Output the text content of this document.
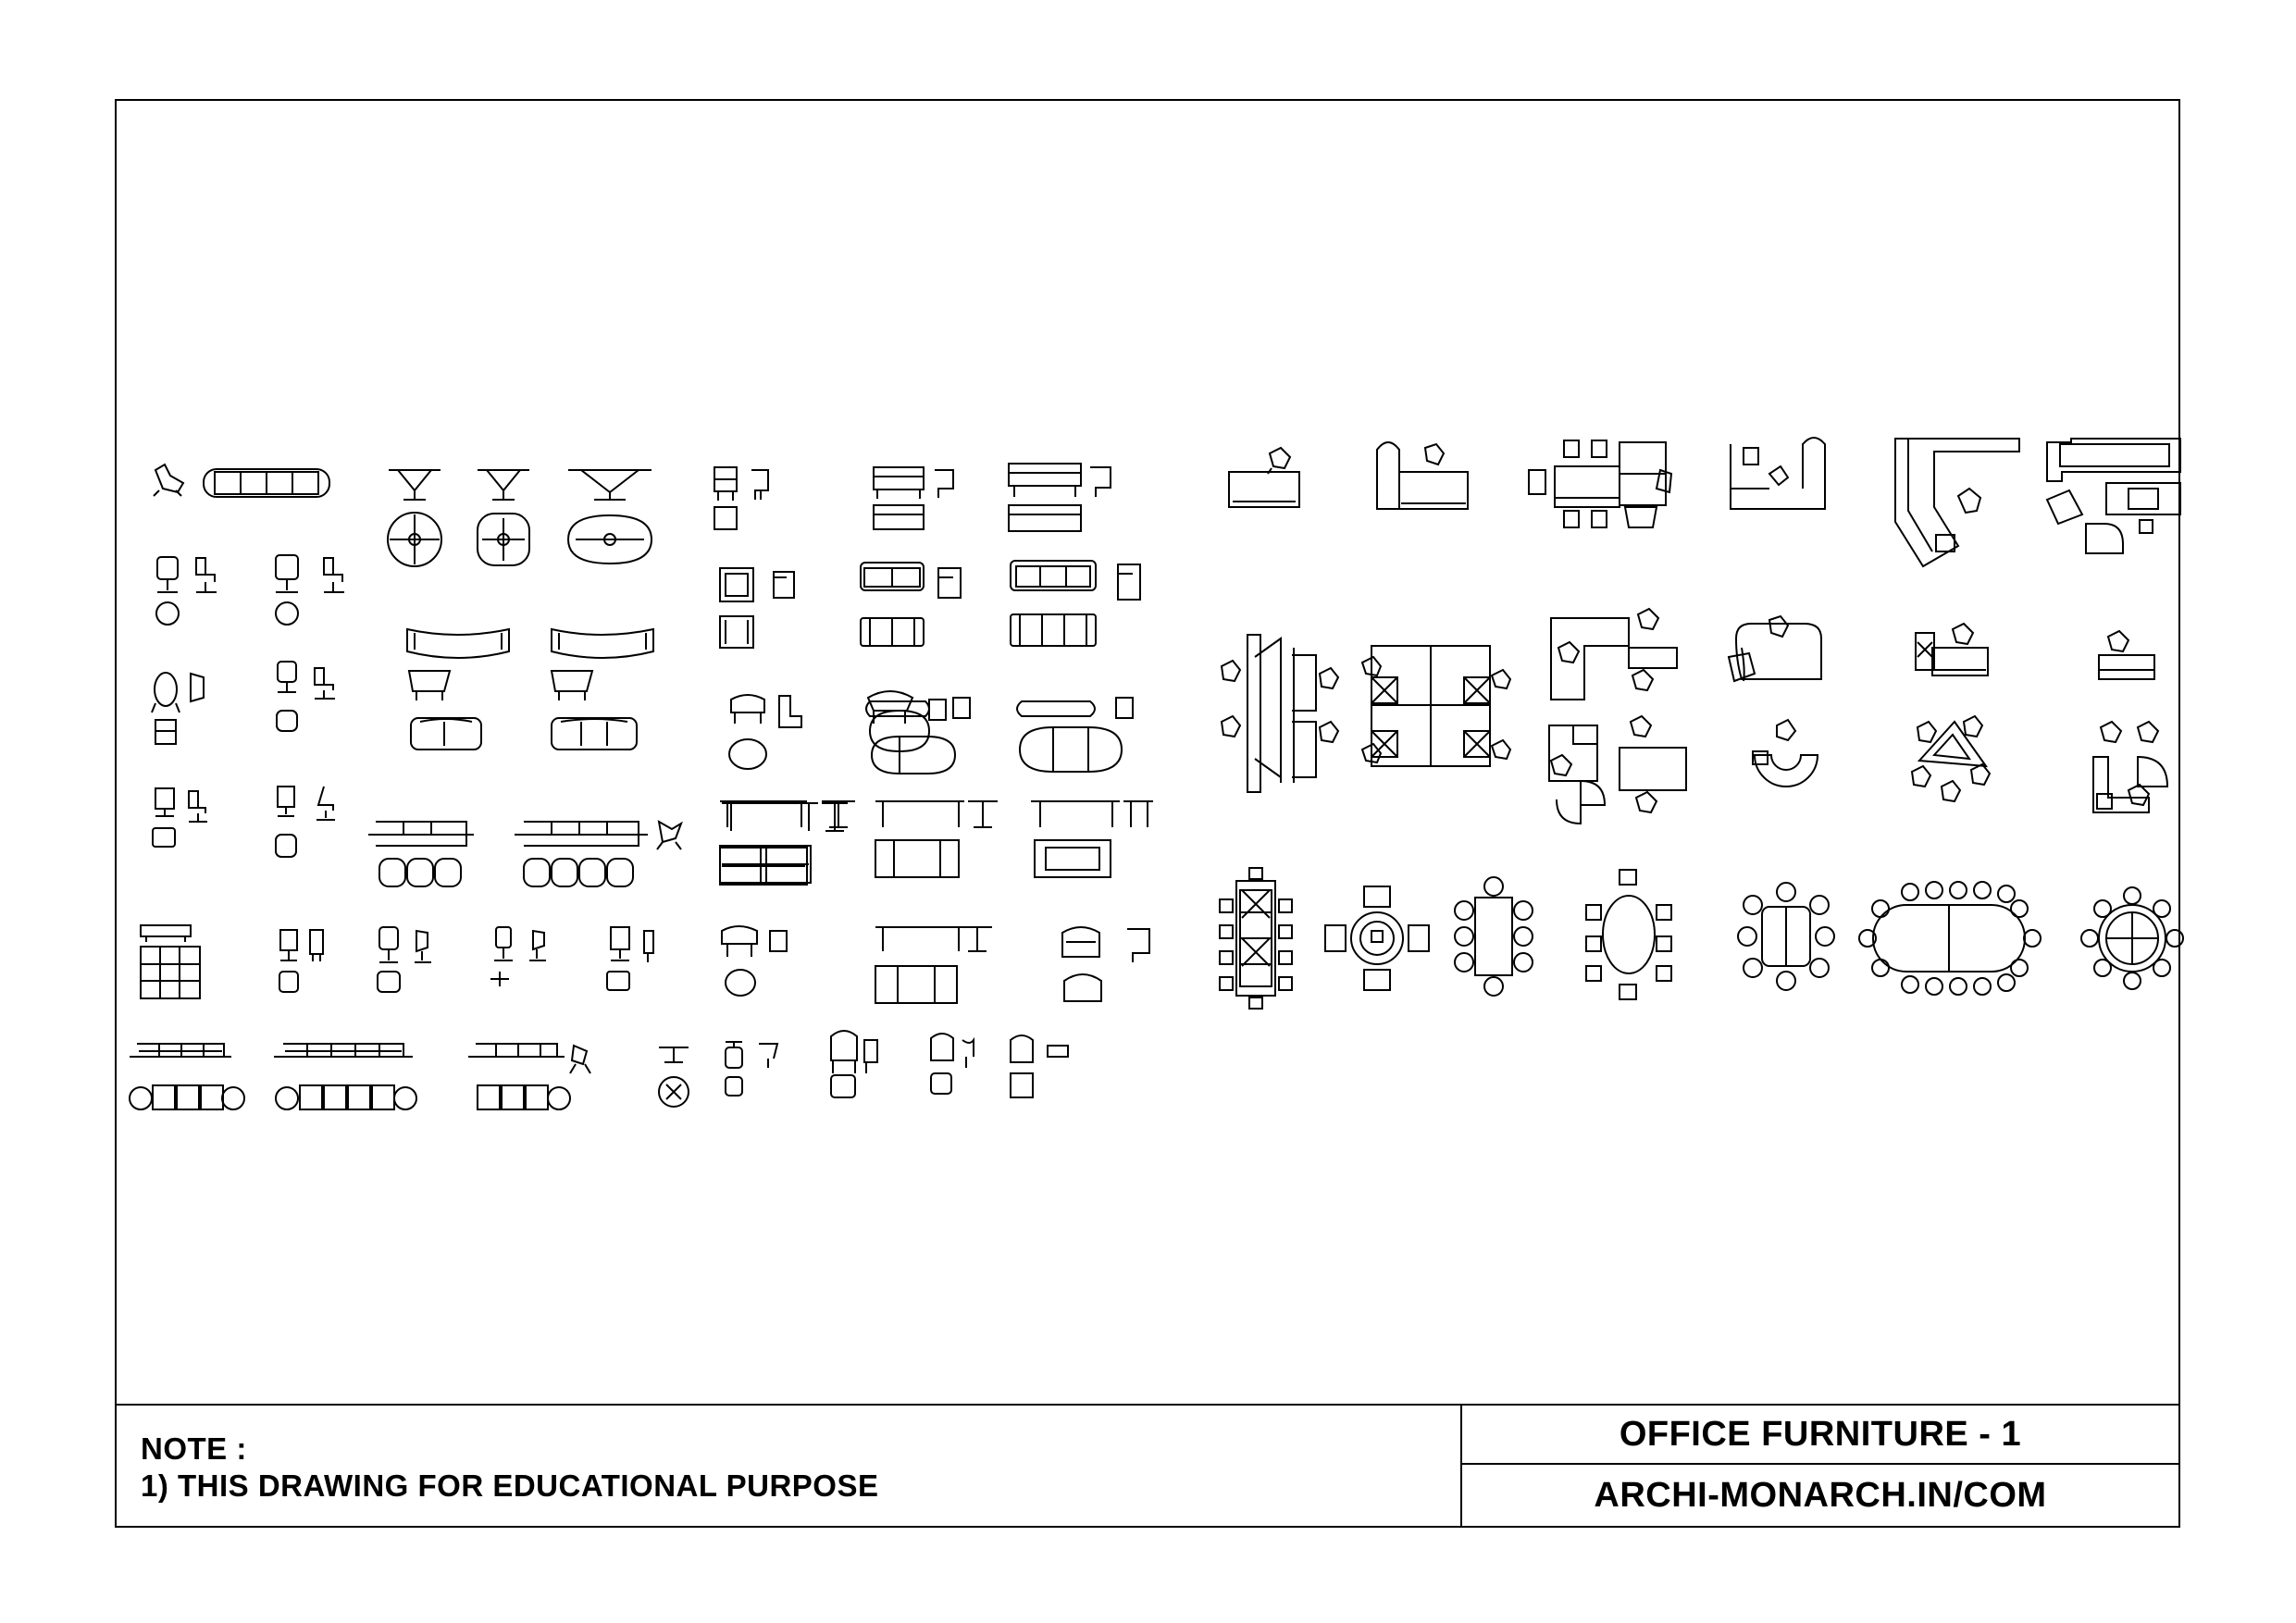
NOTE :
1) THIS DRAWING FOR EDUCATIONAL PURPOSE
OFFICE FURNITURE - 1
ARCHI-MONARCH.IN/COM
